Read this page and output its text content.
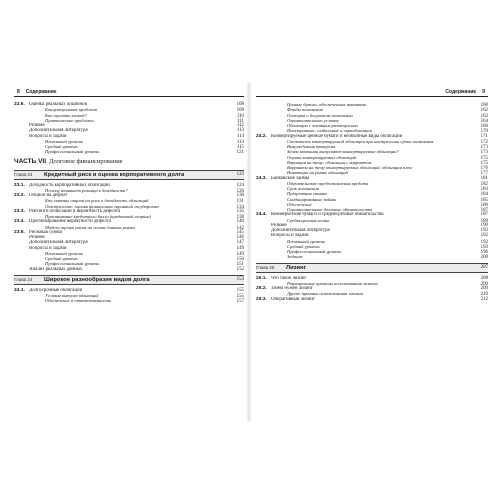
8	Содержание
22.6. Оценка реальных опционов	108
Концептуальная проблема	109
Как оценить вилкой?	110
Практические проблемы	111
Резюме	112
Дополнительная литература	113
Вопросы и задачи	114
Начальный уровень	114
Средний уровень	115
Профессиональный уровень	121
ЧАСТЬ VII Долговое финансирование
Глава 23	Кредитный риск и оценка корпоративного долга	123
23.1. Доходность корпоративных облигаций	124
Почему возникает разница в доходности?	126
23.2. Опцион на дефолт	130
Как связаны опцион на риск и доходность облигаций	131
Отступление: оценка финансовых гарантий государства	134
23.3. Рейтинги облигаций и вероятность дефолта	135
Присваивание кредитного балла (кредитный скоринг)	138
23.4. Прогнозирование вероятности дефолта	140
Модели оценки риска на основе данных рынка	142
23.5. Рисковая сумма	145
Резюме	146
Дополнительная литература	147
Вопросы и задачи	149
Начальный уровень	149
Средний уровень	150
Профессиональный уровень	151
Анализ реальных данных	152
Глава 24	Широкое разнообразие видов долга	153
24.1. Долгосрочные облигации	155
Условия выпуска облигаций	155
Обеспечение и ответственность	157
Содержание	9
Ценные бумаги, обеспеченные активами	160
Фонды погашения	162
Оговорка о досрочном погашении	162
Ограничительные условия	164
Облигации с частным размещением	166
Иностранные, глобальные и еврооблигации	170
24.2. Конвертируемые ценные бумаги и необычные виды облигаций	171
Стоимость конвертируемой облигации при наступлении срока погашения	172
Вынужденная конверсия	173
Зачем компании выпускают конвертируемые облигации?	173
Оценка конвертируемых облигаций	175
Вариация на тему: облигации с варрантом	175
Варранты на тему конвертируемых облигаций: облигации плюс	176
Инновации на рынке облигаций	177
24.3. Банковские займы	181
Обязательство предоставления кредита	182
Срок погашения	183
Процентная ставка	184
Синдицированные займы	185
Обеспечение	186
Ограничительные долговые обязательства	187
24.4. Коммерческие бумаги и среднесрочные обязательства	187
Среднесрочные ноты	189
Резюме	190
Дополнительная литература	192
Вопросы и задачи	192
Начальный уровень	192
Средний уровень	193
Профессиональный уровень	196
Задание	200
Глава 25	Лизинг	207
25.1. Что такое лизинг	208
Рациональные причины использования лизинга	209
25.2. Зачем нужен лизинг	209
Другие причины использования лизинга	210
25.3. Оперативный лизинг	212
